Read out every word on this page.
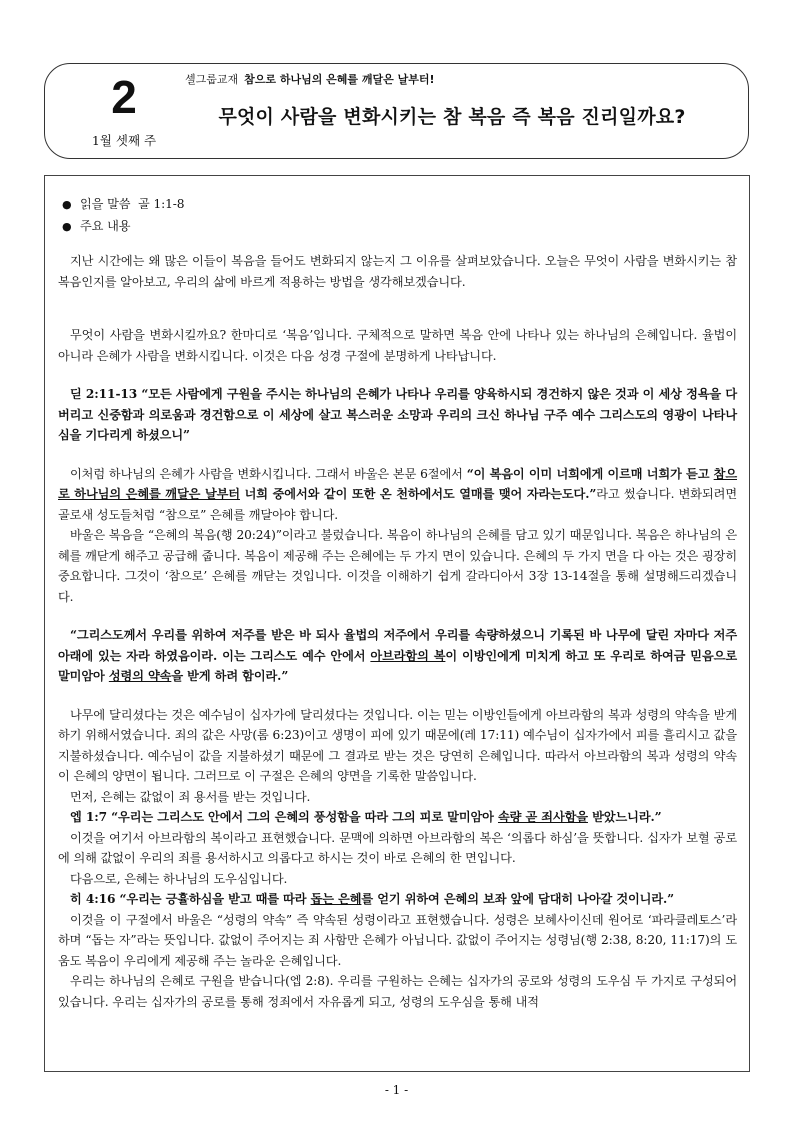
2
1월 셋째 주
셀그룹교재 참으로 하나님의 은혜를 깨달은 날부터!
무엇이 사람을 변화시키는 참 복음 즉 복음 진리일까요?
● 읽을 말씀 골 1:1-8
● 주요 내용

지난 시간에는 왜 많은 이들이 복음을 들어도 변화되지 않는지 그 이유를 살펴보았습니다. 오늘은 무엇이 사람을 변화시키는 참 복음인지를 알아보고, 우리의 삶에 바르게 적용하는 방법을 생각해보겠습니다.

무엇이 사람을 변화시킬까요? 한마디로 ‘복음’입니다. 구체적으로 말하면 복음 안에 나타나 있는 하나님의 은혜입니다. 율법이 아니라 은혜가 사람을 변화시킵니다. 이것은 다음 성경 구절에 분명하게 나타납니다.

딛 2:11-13 “모든 사람에게 구원을 주시는 하나님의 은혜가 나타나 우리를 양육하시되 경건하지 않은 것과 이 세상 정욕을 다 버리고 신중함과 의로움과 경건함으로 이 세상에 살고 복스러운 소망과 우리의 크신 하나님 구주 예수 그리스도의 영광이 나타나심을 기다리게 하셨으니”

이처럼 하나님의 은혜가 사람을 변화시킵니다. 그래서 바울은 본문 6절에서 “이 복음이 이미 너희에게 이르매 너희가 듣고 참으로 하나님의 은혜를 깨달은 날부터 너희 중에서와 같이 또한 온 천하에서도 열매를 맺어 자라는도다.”라고 썼습니다. 변화되려면 골로새 성도들처럼 “참으로” 은혜를 깨달아야 합니다.

바울은 복음을 “은혜의 복음(행 20:24)”이라고 불렀습니다. 복음이 하나님의 은혜를 담고 있기 때문입니다. 복음은 하나님의 은혜를 깨닫게 해주고 공급해 줍니다. 복음이 제공해 주는 은혜에는 두 가지 면이 있습니다. 은혜의 두 가지 면을 다 아는 것은 굉장히 중요합니다. 그것이 ‘참으로’ 은혜를 깨닫는 것입니다. 이것을 이해하기 쉽게 갈라디아서 3장 13-14절을 통해 설명해드리겠습니다.

“그리스도께서 우리를 위하여 저주를 받은 바 되사 율법의 저주에서 우리를 속량하셨으니 기록된 바 나무에 달린 자마다 저주 아래에 있는 자라 하였음이라. 이는 그리스도 예수 안에서 아브라함의 복이 이방인에게 미치게 하고 또 우리로 하여금 믿음으로 말미암아 성령의 약속을 받게 하려 함이라.”

나무에 달리셨다는 것은 예수님이 십자가에 달리셨다는 것입니다. 이는 믿는 이방인들에게 아브라함의 복과 성령의 약속을 받게 하기 위해서였습니다. 죄의 값은 사망(롬 6:23)이고 생명이 피에 있기 때문에(레 17:11) 예수님이 십자가에서 피를 흘리시고 값을 지불하셨습니다. 예수님이 값을 지불하셨기 때문에 그 결과로 받는 것은 당연히 은혜입니다. 따라서 아브라함의 복과 성령의 약속이 은혜의 양면이 됩니다. 그러므로 이 구절은 은혜의 양면을 기록한 말씀입니다.

먼저, 은혜는 값없이 죄 용서를 받는 것입니다.

엡 1:7 “우리는 그리스도 안에서 그의 은혜의 풍성함을 따라 그의 피로 말미암아 속량 곧 죄사함을 받았느니라.”

이것을 여기서 아브라함의 복이라고 표현했습니다. 문맥에 의하면 아브라함의 복은 ‘의롭다 하심’을 뜻합니다. 십자가 보혈 공로에 의해 값없이 우리의 죄를 용서하시고 의롭다고 하시는 것이 바로 은혜의 한 면입니다.

다음으로, 은혜는 하나님의 도우심입니다.

히 4:16 “우리는 긍휼하심을 받고 때를 따라 돕는 은혜를 얻기 위하여 은혜의 보좌 앞에 담대히 나아갈 것이니라.”

이것을 이 구절에서 바울은 “성령의 약속” 즉 약속된 성령이라고 표현했습니다. 성령은 보혜사이신데 원어로 ‘파라클레토스’라 하며 “돕는 자”라는 뜻입니다. 값없이 주어지는 죄 사함만 은혜가 아닙니다. 값없이 주어지는 성령님(행 2:38, 8:20, 11:17)의 도움도 복음이 우리에게 제공해 주는 놀라운 은혜입니다.

우리는 하나님의 은혜로 구원을 받습니다(엡 2:8). 우리를 구원하는 은혜는 십자가의 공로와 성령의 도우심 두 가지로 구성되어 있습니다. 우리는 십자가의 공로를 통해 정죄에서 자유롭게 되고, 성령의 도우심을 통해 내적

- 1 -
